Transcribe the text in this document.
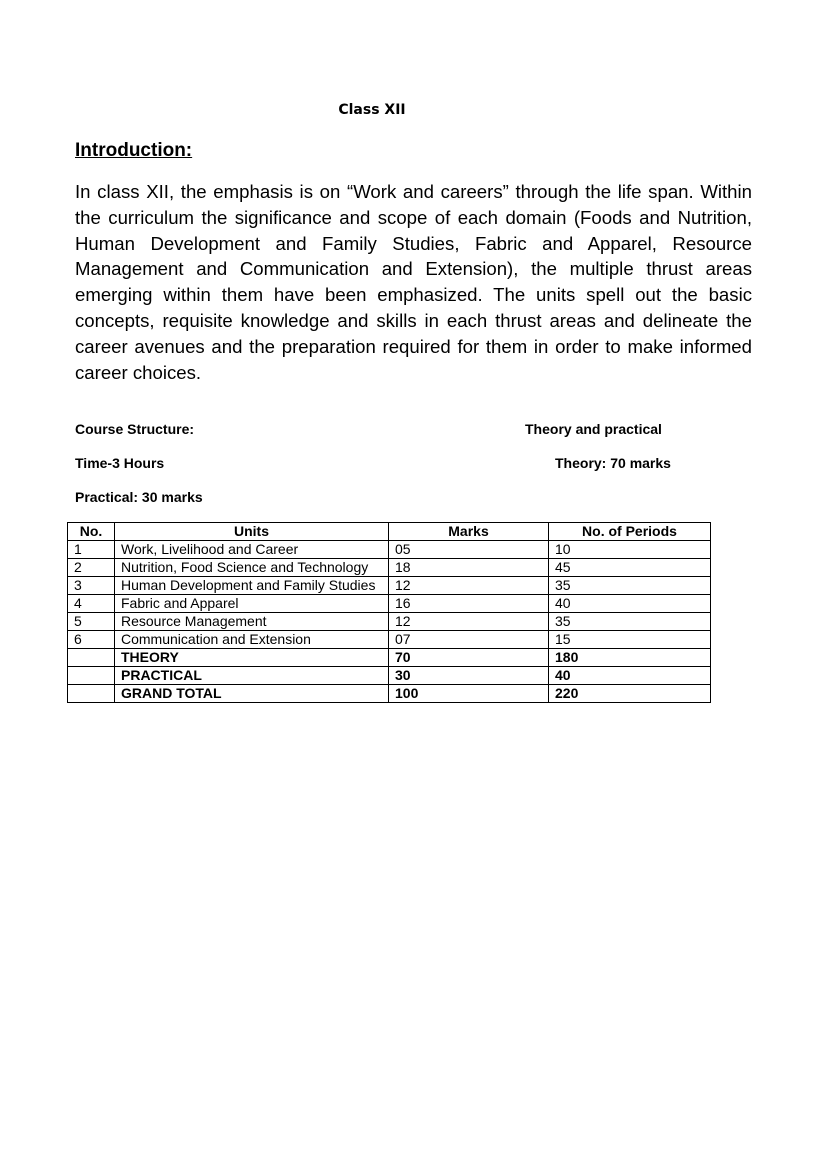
Class XII
Introduction:

In class XII, the emphasis is on “Work and careers” through the life span. Within the curriculum the significance and scope of each domain (Foods and Nutrition, Human Development and Family Studies, Fabric and Apparel, Resource Management and Communication and Extension), the multiple thrust areas emerging within them have been emphasized. The units spell out the basic concepts, requisite knowledge and skills in each thrust areas and delineate the career avenues and the preparation required for them in order to make informed career choices.

Course Structure:	Theory and practical
Time-3 Hours	Theory: 70 marks
Practical: 30 marks
No.	Units	Marks	No. of Periods
1	Work, Livelihood and Career	05	10
2	Nutrition, Food Science and Technology	18	45
3	Human Development and Family Studies	12	35
4	Fabric and Apparel	16	40
5	Resource Management	12	35
6	Communication and Extension	07	15
	THEORY	70	180
	PRACTICAL	30	40
	GRAND TOTAL	100	220
